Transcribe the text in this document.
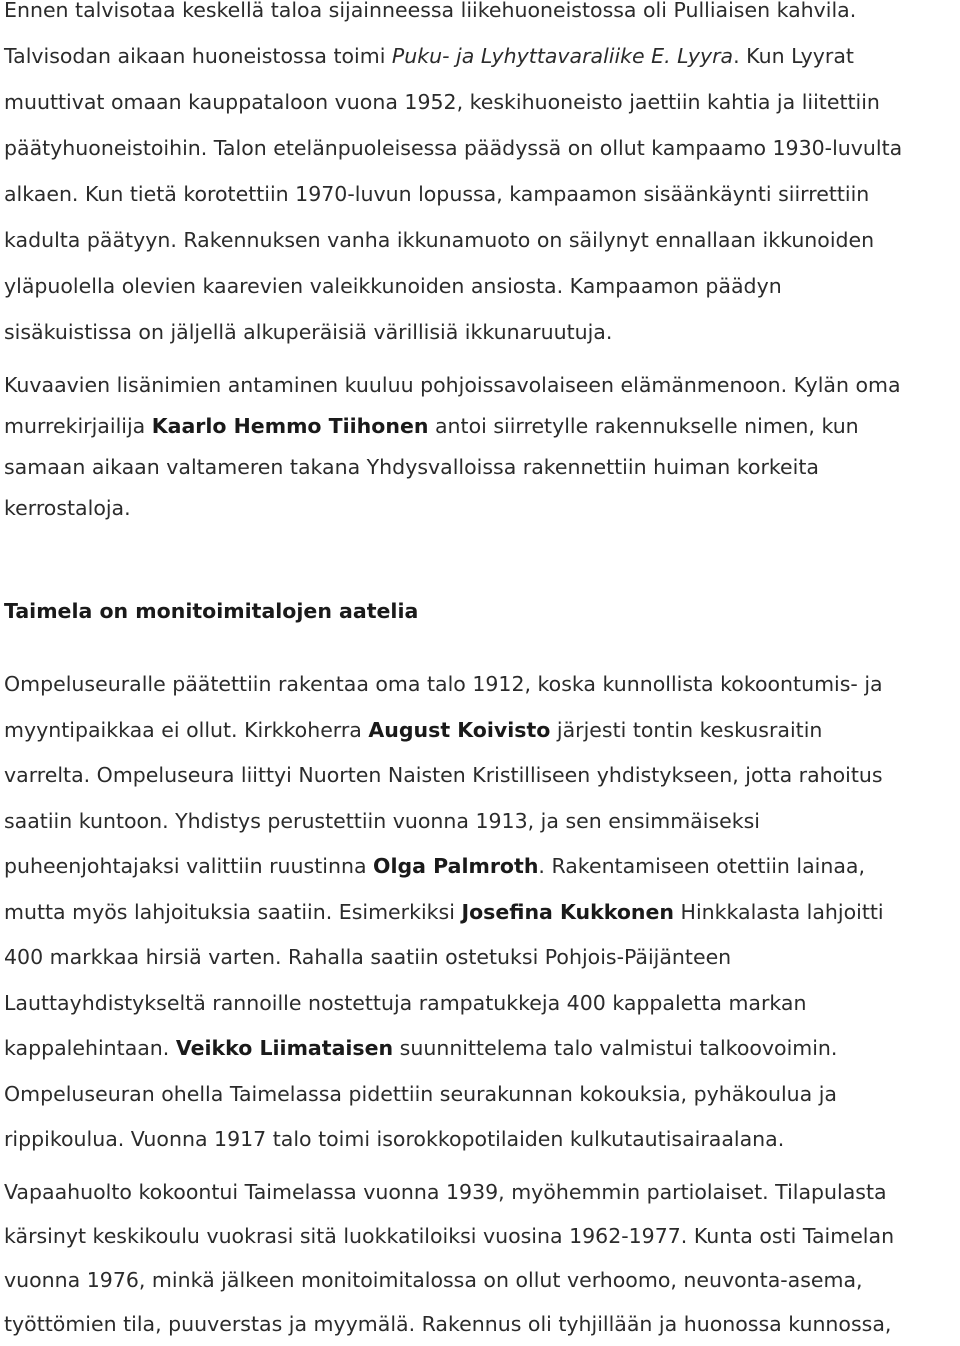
Ennen talvisotaa keskellä taloa sijainneessa liikehuoneistossa oli Pulliaisen kahvila.
Talvisodan aikaan huoneistossa toimi Puku- ja Lyhyttavaraliike E. Lyyra. Kun Lyyrat
muuttivat omaan kauppataloon vuona 1952, keskihuoneisto jaettiin kahtia ja liitettiin
päätyhuoneistoihin. Talon etelänpuoleisessa päädyssä on ollut kampaamo 1930-luvulta
alkaen. Kun tietä korotettiin 1970-luvun lopussa, kampaamon sisäänkäynti siirrettiin
kadulta päätyyn. Rakennuksen vanha ikkunamuoto on säilynyt ennallaan ikkunoiden
yläpuolella olevien kaarevien valeikkunoiden ansiosta. Kampaamon päädyn
sisäkuistissa on jäljellä alkuperäisiä värillisiä ikkunaruutuja.
Kuvaavien lisänimien antaminen kuuluu pohjoissavolaiseen elämänmenoon. Kylän oma
murrekirjailija Kaarlo Hemmo Tiihonen antoi siirretylle rakennukselle nimen, kun
samaan aikaan valtameren takana Yhdysvalloissa rakennettiin huiman korkeita
kerrostaloja.
Taimela on monitoimitalojen aatelia
Ompeluseuralle päätettiin rakentaa oma talo 1912, koska kunnollista kokoontumis- ja
myyntipaikkaa ei ollut. Kirkkoherra August Koivisto järjesti tontin keskusraitin
varrelta. Ompeluseura liittyi Nuorten Naisten Kristilliseen yhdistykseen, jotta rahoitus
saatiin kuntoon. Yhdistys perustettiin vuonna 1913, ja sen ensimmäiseksi
puheenjohtajaksi valittiin ruustinna Olga Palmroth. Rakentamiseen otettiin lainaa,
mutta myös lahjoituksia saatiin. Esimerkiksi Josefina Kukkonen Hinkkalasta lahjoitti
400 markkaa hirsiä varten. Rahalla saatiin ostetuksi Pohjois-Päijänteen
Lauttayhdistykseltä rannoille nostettuja rampatukkeja 400 kappaletta markan
kappalehintaan. Veikko Liimataisen suunnittelema talo valmistui talkoovoimin.
Ompeluseuran ohella Taimelassa pidettiin seurakunnan kokouksia, pyhäkoulua ja
rippikoulua. Vuonna 1917 talo toimi isorokkopotilaiden kulkutautisairaalana.
Vapaahuolto kokoontui Taimelassa vuonna 1939, myöhemmin partiolaiset. Tilapulasta
kärsinyt keskikoulu vuokrasi sitä luokkatiloiksi vuosina 1962-1977. Kunta osti Taimelan
vuonna 1976, minkä jälkeen monitoimitalossa on ollut verhoomo, neuvonta-asema,
työttömien tila, puuverstas ja myymälä. Rakennus oli tyhjillään ja huonossa kunnossa,
